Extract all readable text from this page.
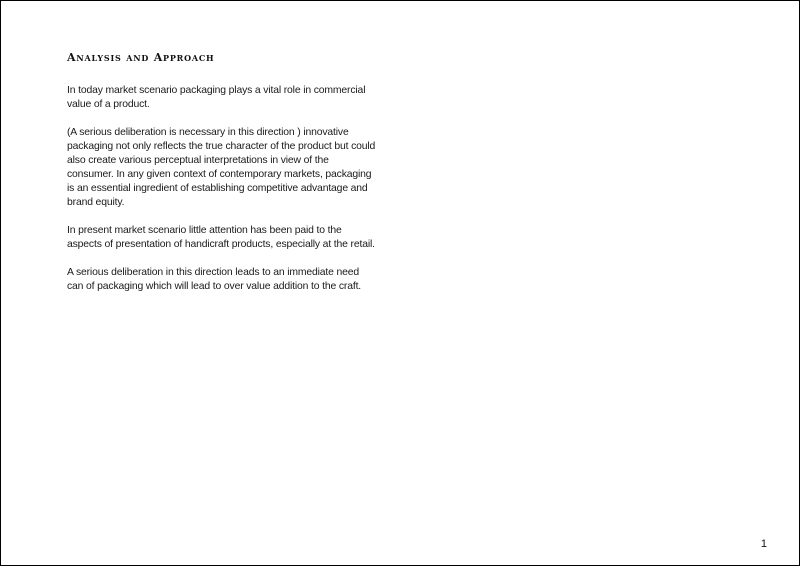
Analysis and Approach

In today market scenario packaging plays a vital role in commercial value of a product.

(A serious deliberation is necessary in this direction ) innovative packaging not only reflects the true character of the product but could also create various perceptual interpretations in view of the consumer. In any given context of contemporary markets, packaging is an essential ingredient of establishing competitive advantage and brand equity.

In present market scenario little attention has been paid to the aspects of presentation of handicraft products, especially at the retail.

A serious deliberation in this direction leads to an immediate need can of packaging which will lead to over value addition to the craft.

1
